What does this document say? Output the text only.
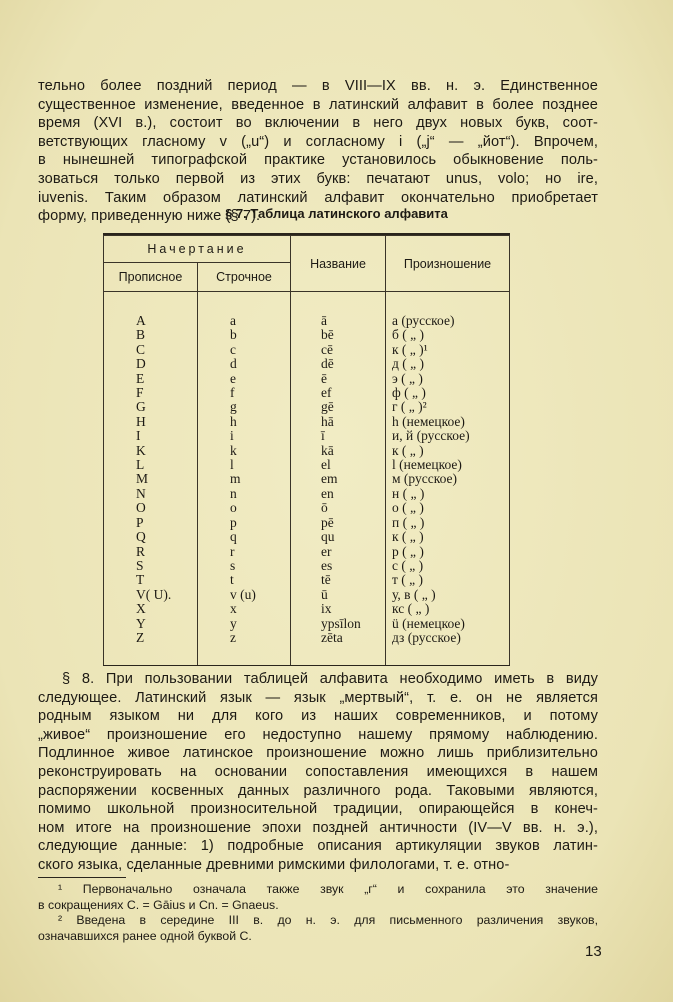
тельно более поздний период — в VIII—IX вв. н. э. Единственное
существенное изменение, введенное в латинский алфавит в более позднее
время (XVI в.), состоит во включении в него двух новых букв, соот-
ветствующих гласному v („u“) и согласному i („j“ — „йот“). Впрочем,
в нынешней типографской практике установилось обыкновение поль-
зоваться только первой из этих букв: печатают unus, volo; но ire,
iuvenis. Таким образом латинский алфавит окончательно приобретает
форму, приведенную ниже (§ 7).
§ 7. Таблица латинского алфавита
Начертание		Название	Произношение
Прописное	Строчное		

A	a	ā	а (русское)
B	b	bē	б ( „ )
C	c	cē	к ( „ )¹
D	d	dē	д ( „ )
E	e	ē	э ( „ )
F	f	ef	ф ( „ )
G	g	gē	г ( „ )²
H	h	hā	h (немецкое)
I	i	ī	и, й (русское)
K	k	kā	к ( „ )
L	l	el	l (немецкое)
M	m	em	м (русское)
N	n	en	н ( „ )
O	o	ō	о ( „ )
P	p	pē	п ( „ )
Q	q	qu	к ( „ )
R	r	er	р ( „ )
S	s	es	с ( „ )
T	t	tē	т ( „ )
V( U).	v (u)	ū	у, в ( „ )
X	x	ix	кс ( „ )
Y	y	ypsīlon	ü (немецкое)
Z	z	zēta	дз (русское)

§ 8. При пользовании таблицей алфавита необходимо иметь в виду
следующее. Латинский язык — язык „мертвый“, т. е. он не является
родным языком ни для кого из наших современников, и потому
„живое“ произношение его недоступно нашему прямому наблюдению.
Подлинное живое латинское произношение можно лишь приблизительно
реконструировать на основании сопоставления имеющихся в нашем
распоряжении косвенных данных различного рода. Таковыми являются,
помимо школьной произносительной традиции, опирающейся в конеч-
ном итоге на произношение эпохи поздней античности (IV—V вв. н. э.),
следующие данные: 1) подробные описания артикуляции звуков латин-
ского языка, сделанные древними римскими филологами, т. е. отно-
¹ Первоначально означала также звук „г“ и сохранила это значение
в сокращениях C. = Gāius и Cn. = Gnaeus.
² Введена в середине III в. до н. э. для письменного различения звуков,
означавшихся ранее одной буквой С.
13
